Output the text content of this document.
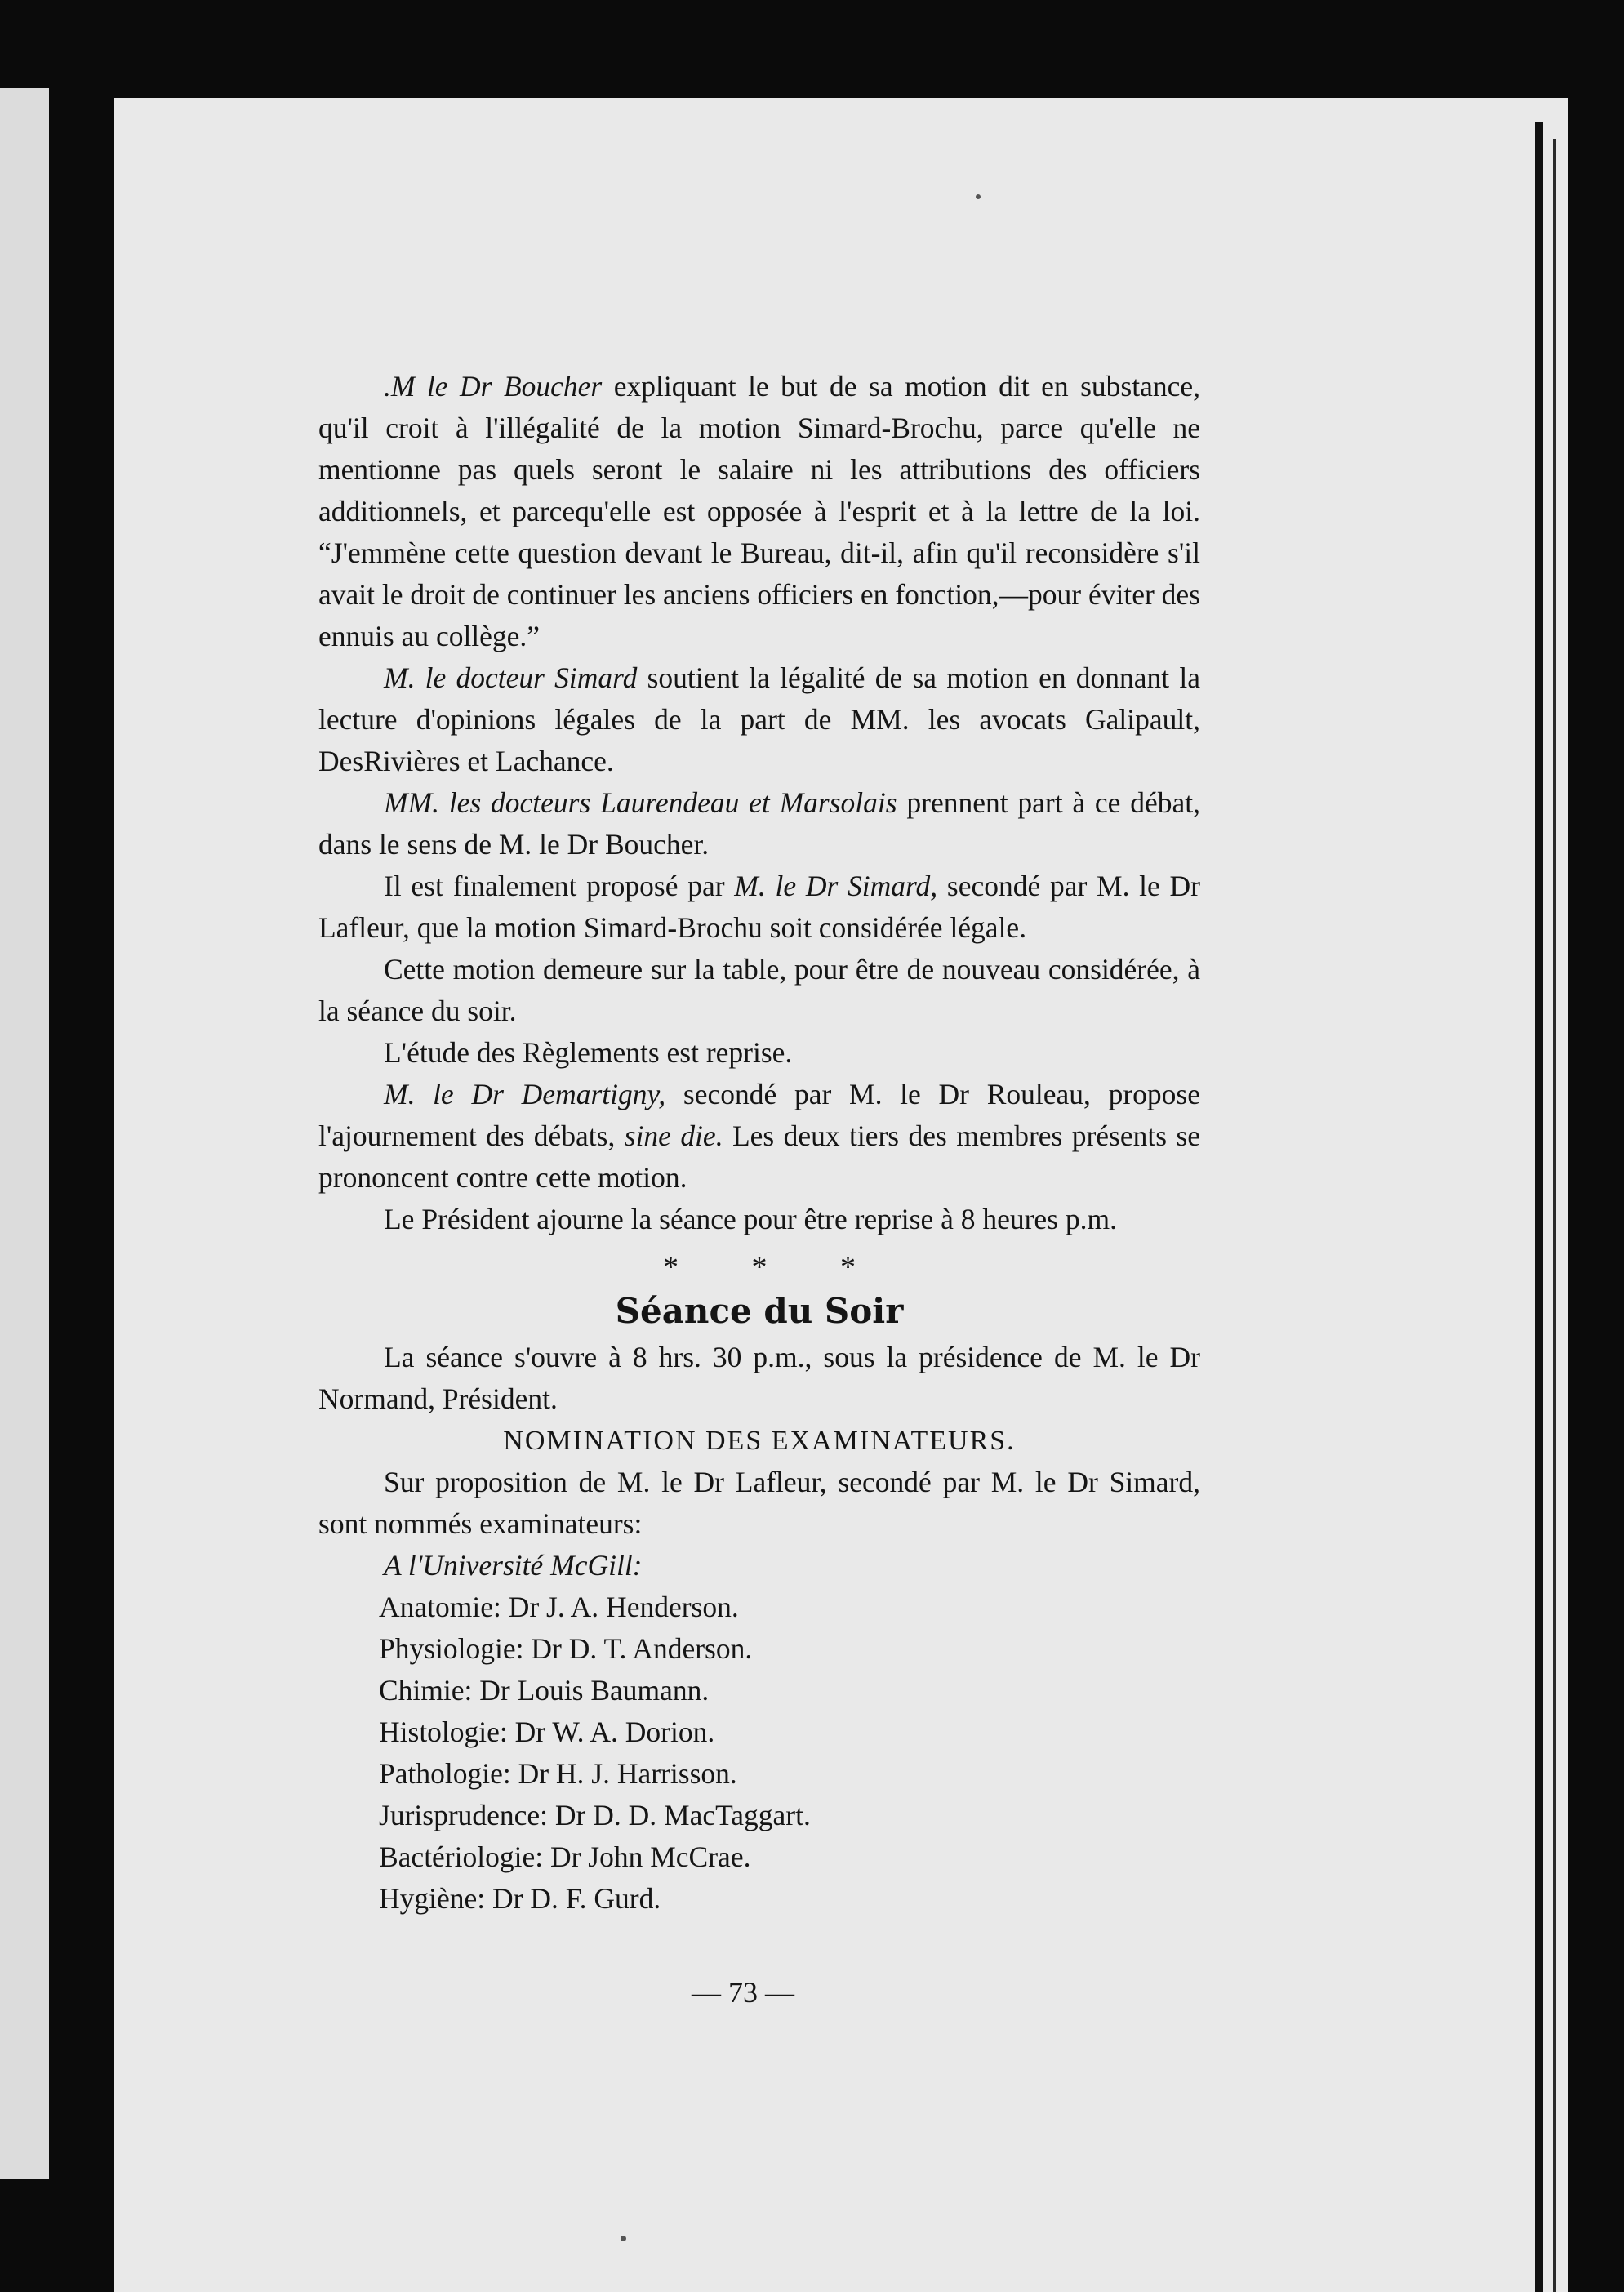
.M le Dr Boucher expliquant le but de sa motion dit en substance, qu'il croit à l'illégalité de la motion Simard-Brochu, parce qu'elle ne mentionne pas quels seront le salaire ni les attributions des officiers additionnels, et parcequ'elle est opposée à l'esprit et à la lettre de la loi. “J'emmène cette question devant le Bureau, dit-il, afin qu'il reconsidère s'il avait le droit de continuer les anciens officiers en fonction,—pour éviter des ennuis au collège.”

M. le docteur Simard soutient la légalité de sa motion en donnant la lecture d'opinions légales de la part de MM. les avocats Galipault, DesRivières et Lachance.

MM. les docteurs Laurendeau et Marsolais prennent part à ce débat, dans le sens de M. le Dr Boucher.

Il est finalement proposé par M. le Dr Simard, secondé par M. le Dr Lafleur, que la motion Simard-Brochu soit considérée légale.

Cette motion demeure sur la table, pour être de nouveau considérée, à la séance du soir.

L'étude des Règlements est reprise.

M. le Dr Demartigny, secondé par M. le Dr Rouleau, propose l'ajournement des débats, sine die. Les deux tiers des membres présents se prononcent contre cette motion.

Le Président ajourne la séance pour être reprise à 8 heures p.m.

* * *
Séance du Soir

La séance s'ouvre à 8 hrs. 30 p.m., sous la présidence de M. le Dr Normand, Président.

NOMINATION DES EXAMINATEURS.

Sur proposition de M. le Dr Lafleur, secondé par M. le Dr Simard, sont nommés examinateurs:

A l'Université McGill:

Anatomie: Dr J. A. Henderson.
Physiologie: Dr D. T. Anderson.
Chimie: Dr Louis Baumann.
Histologie: Dr W. A. Dorion.
Pathologie: Dr H. J. Harrisson.
Jurisprudence: Dr D. D. MacTaggart.
Bactériologie: Dr John McCrae.
Hygiène: Dr D. F. Gurd.
— 73 —
